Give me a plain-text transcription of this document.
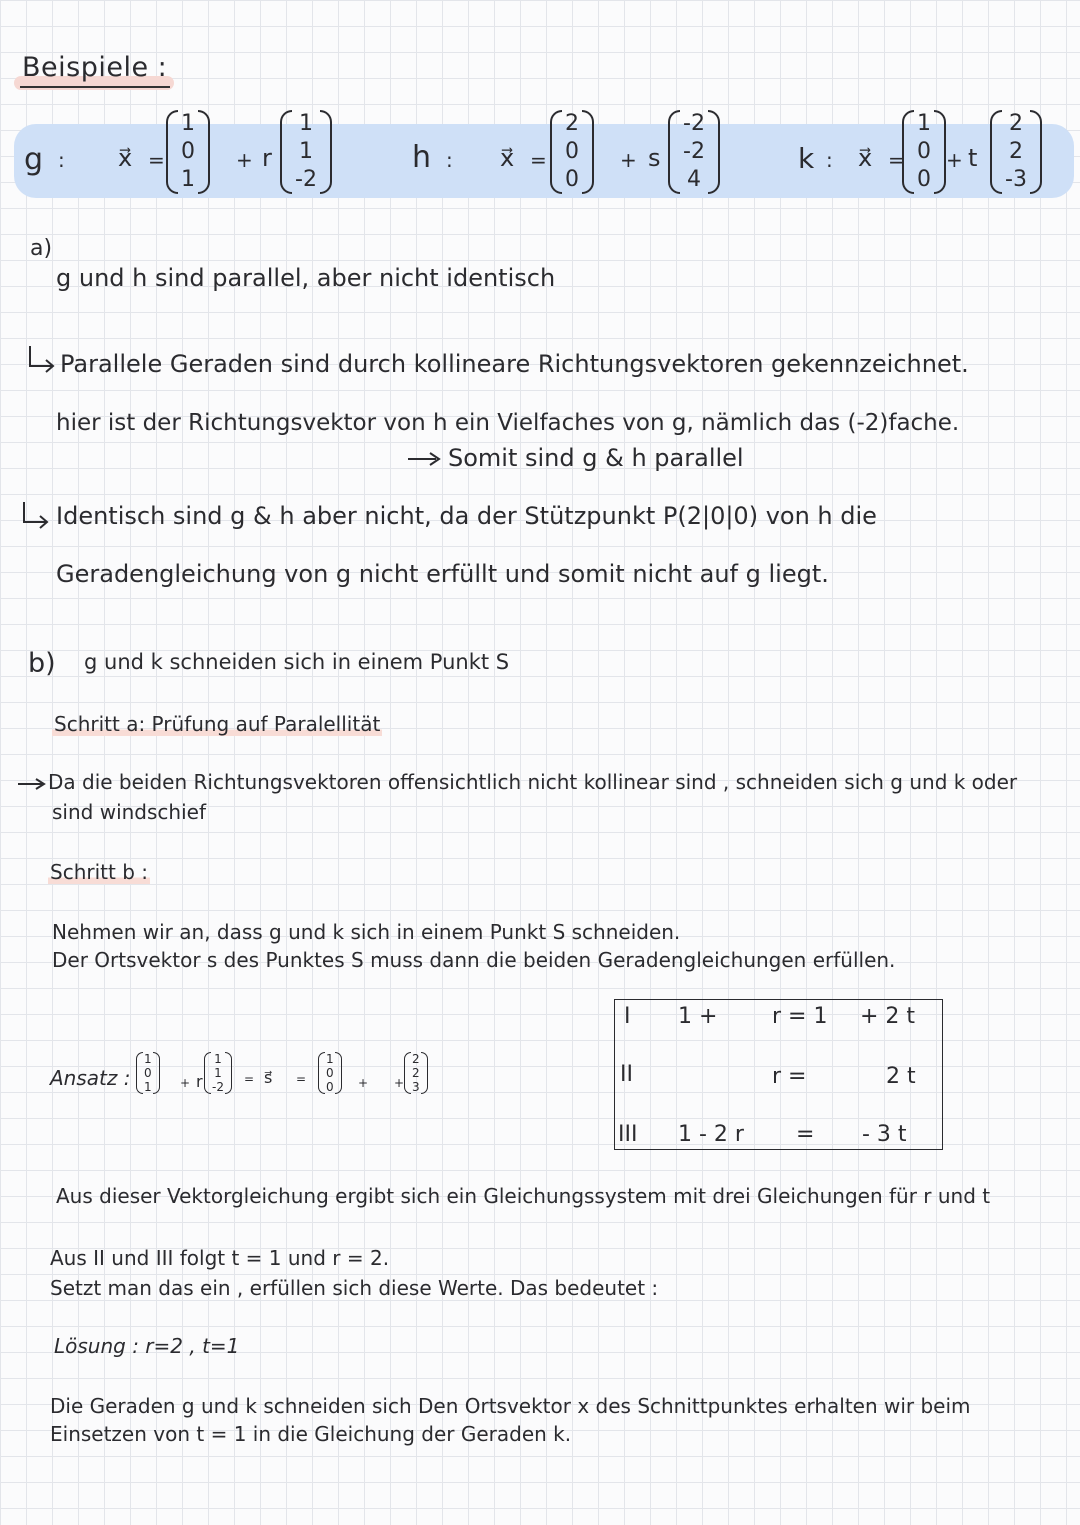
Beispiele :
g : x⃗ =
1
0
1
+ r
1
1
-2
h : x⃗ =
2
0
0
+ s
-2
-2
4
k : x⃗ =
1
0
0
+ t
2
2
-3
a)
g und h sind parallel, aber nicht identisch
Parallele Geraden sind durch kollineare Richtungsvektoren gekennzeichnet.
hier ist der Richtungsvektor von h ein Vielfaches von g, nämlich das (-2)fache.
Somit sind g & h parallel
Identisch sind g & h aber nicht, da der Stützpunkt P(2|0|0) von h die
Geradengleichung von g nicht erfüllt und somit nicht auf g liegt.
b) g und k schneiden sich in einem Punkt S
Schritt a: Prüfung auf Paralellität
Da die beiden Richtungsvektoren offensichtlich nicht kollinear sind , schneiden sich g und k oder
sind windschief
Schritt b :
Nehmen wir an, dass g und k sich in einem Punkt S schneiden.
Der Ortsvektor s des Punktes S muss dann die beiden Geradengleichungen erfüllen.
Ansatz :
1
0
1 + r
1
1
-2
= s⃗ =
1
0
0 + +
2
2
3
I 1 + r = 1 + 2 t
II	r =	2 t
III 1 - 2 r = - 3 t
Aus dieser Vektorgleichung ergibt sich ein Gleichungssystem mit drei Gleichungen für r und t
Aus II und III folgt t = 1 und r = 2.
Setzt man das ein , erfüllen sich diese Werte. Das bedeutet :
Lösung : r=2 , t=1
Die Geraden g und k schneiden sich Den Ortsvektor x des Schnittpunktes erhalten wir beim
Einsetzen von t = 1 in die Gleichung der Geraden k.
